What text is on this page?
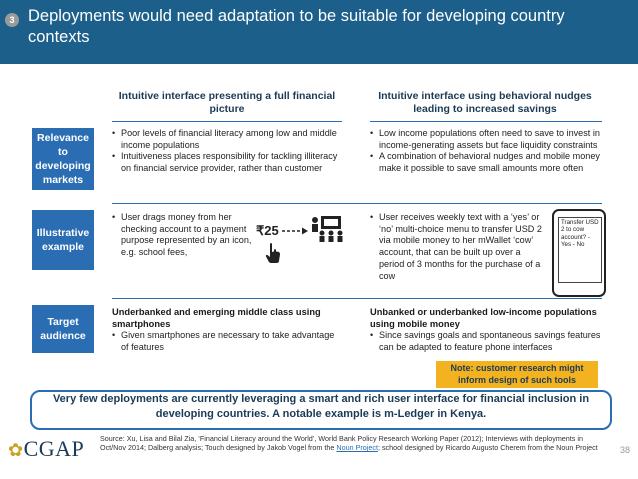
3 Deployments would need adaptation to be suitable for developing country contexts
Intuitive interface presenting a full financial picture
Intuitive interface using behavioral nudges leading to increased savings
Relevance to developing markets
• Poor levels of financial literacy among low and middle income populations
• Intuitiveness places responsibility for tackling illiteracy on financial service provider, rather than customer
• Low income populations often need to save to invest in income-generating assets but face liquidity constraints
• A combination of behavioral nudges and mobile money make it possible to save small amounts more often
Illustrative example
• User drags money from her checking account to a payment purpose represented by an icon, e.g. school fees,
₹25
• User receives weekly text with a ‘yes’ or ‘no’ multi-choice menu to transfer USD 2 via mobile money to her mWallet ‘cow’ account, that can be built up over a period of 3 months for the purchase of a cow
Transfer USD 2 to cow account? - Yes - No
Target audience
Underbanked and emerging middle class using smartphones
• Given smartphones are necessary to take advantage of features
Unbanked or underbanked low-income populations using mobile money
• Since savings goals and spontaneous savings features can be adapted to feature phone interfaces
Note: customer research might inform design of such tools
Very few deployments are currently leveraging a smart and rich user interface for financial inclusion in developing countries. A notable example is m-Ledger in Kenya.
✿CGAP Source: Xu, Lisa and Bilal Zia, ‘Financial Literacy around the World’, World Bank Policy Research Working Paper (2012); Interviews with deployments in Oct/Nov 2014; Dalberg analysis; Touch designed by Jakob Vogel from the Noun Project; school designed by Ricardo Augusto Cherem from the Noun Project 38
